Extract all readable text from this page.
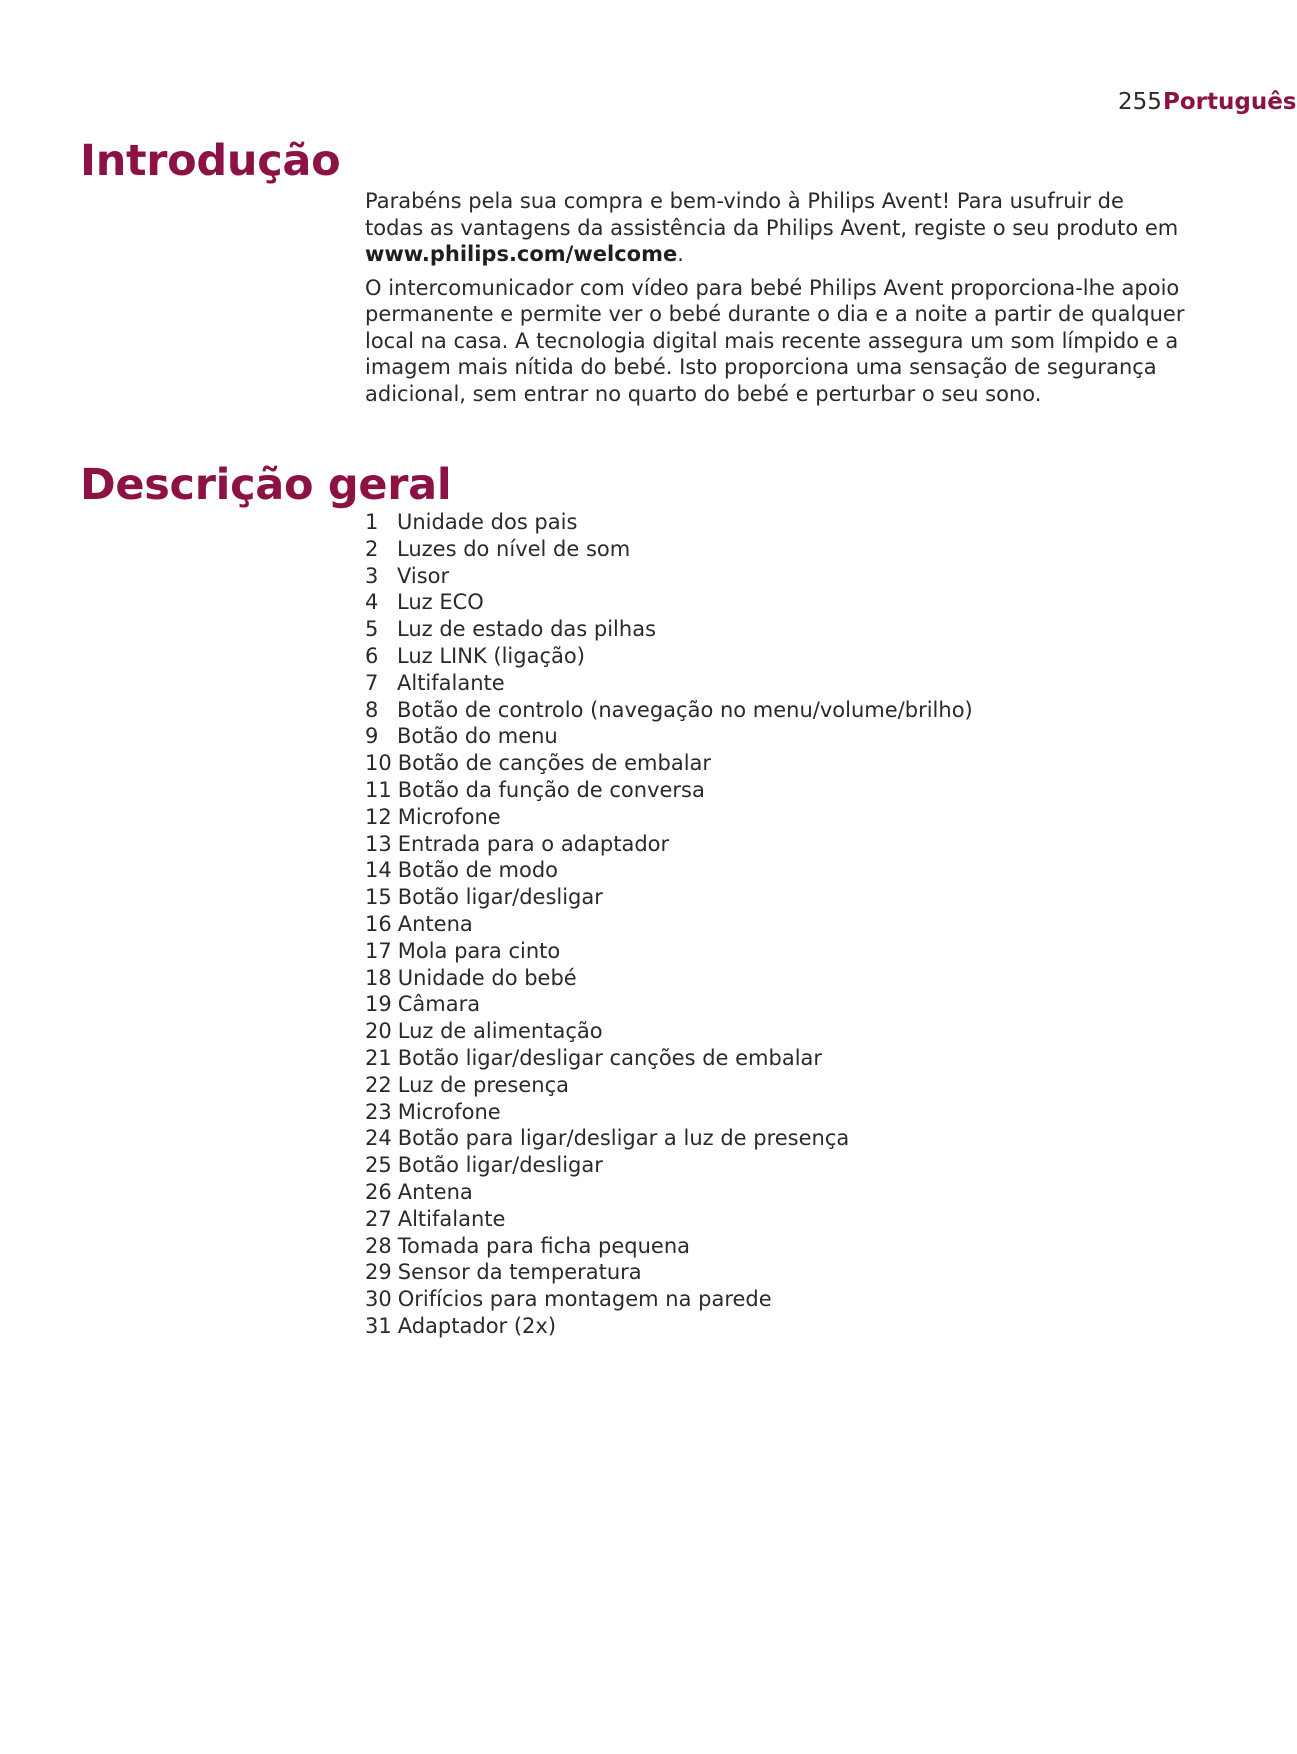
255 Português
Introdução

Parabéns pela sua compra e bem-vindo à Philips Avent! Para usufruir de todas as vantagens da assistência da Philips Avent, registe o seu produto em www.philips.com/welcome.

O intercomunicador com vídeo para bebé Philips Avent proporciona-lhe apoio permanente e permite ver o bebé durante o dia e a noite a partir de qualquer local na casa. A tecnologia digital mais recente assegura um som límpido e a imagem mais nítida do bebé. Isto proporciona uma sensação de segurança adicional, sem entrar no quarto do bebé e perturbar o seu sono.

Descrição geral
1 Unidade dos pais
2 Luzes do nível de som
3 Visor
4 Luz ECO
5 Luz de estado das pilhas
6 Luz LINK (ligação)
7 Altifalante
8 Botão de controlo (navegação no menu/volume/brilho)
9 Botão do menu
10 Botão de canções de embalar
11 Botão da função de conversa
12 Microfone
13 Entrada para o adaptador
14 Botão de modo
15 Botão ligar/desligar
16 Antena
17 Mola para cinto
18 Unidade do bebé
19 Câmara
20 Luz de alimentação
21 Botão ligar/desligar canções de embalar
22 Luz de presença
23 Microfone
24 Botão para ligar/desligar a luz de presença
25 Botão ligar/desligar
26 Antena
27 Altifalante
28 Tomada para ficha pequena
29 Sensor da temperatura
30 Orifícios para montagem na parede
31 Adaptador (2x)
